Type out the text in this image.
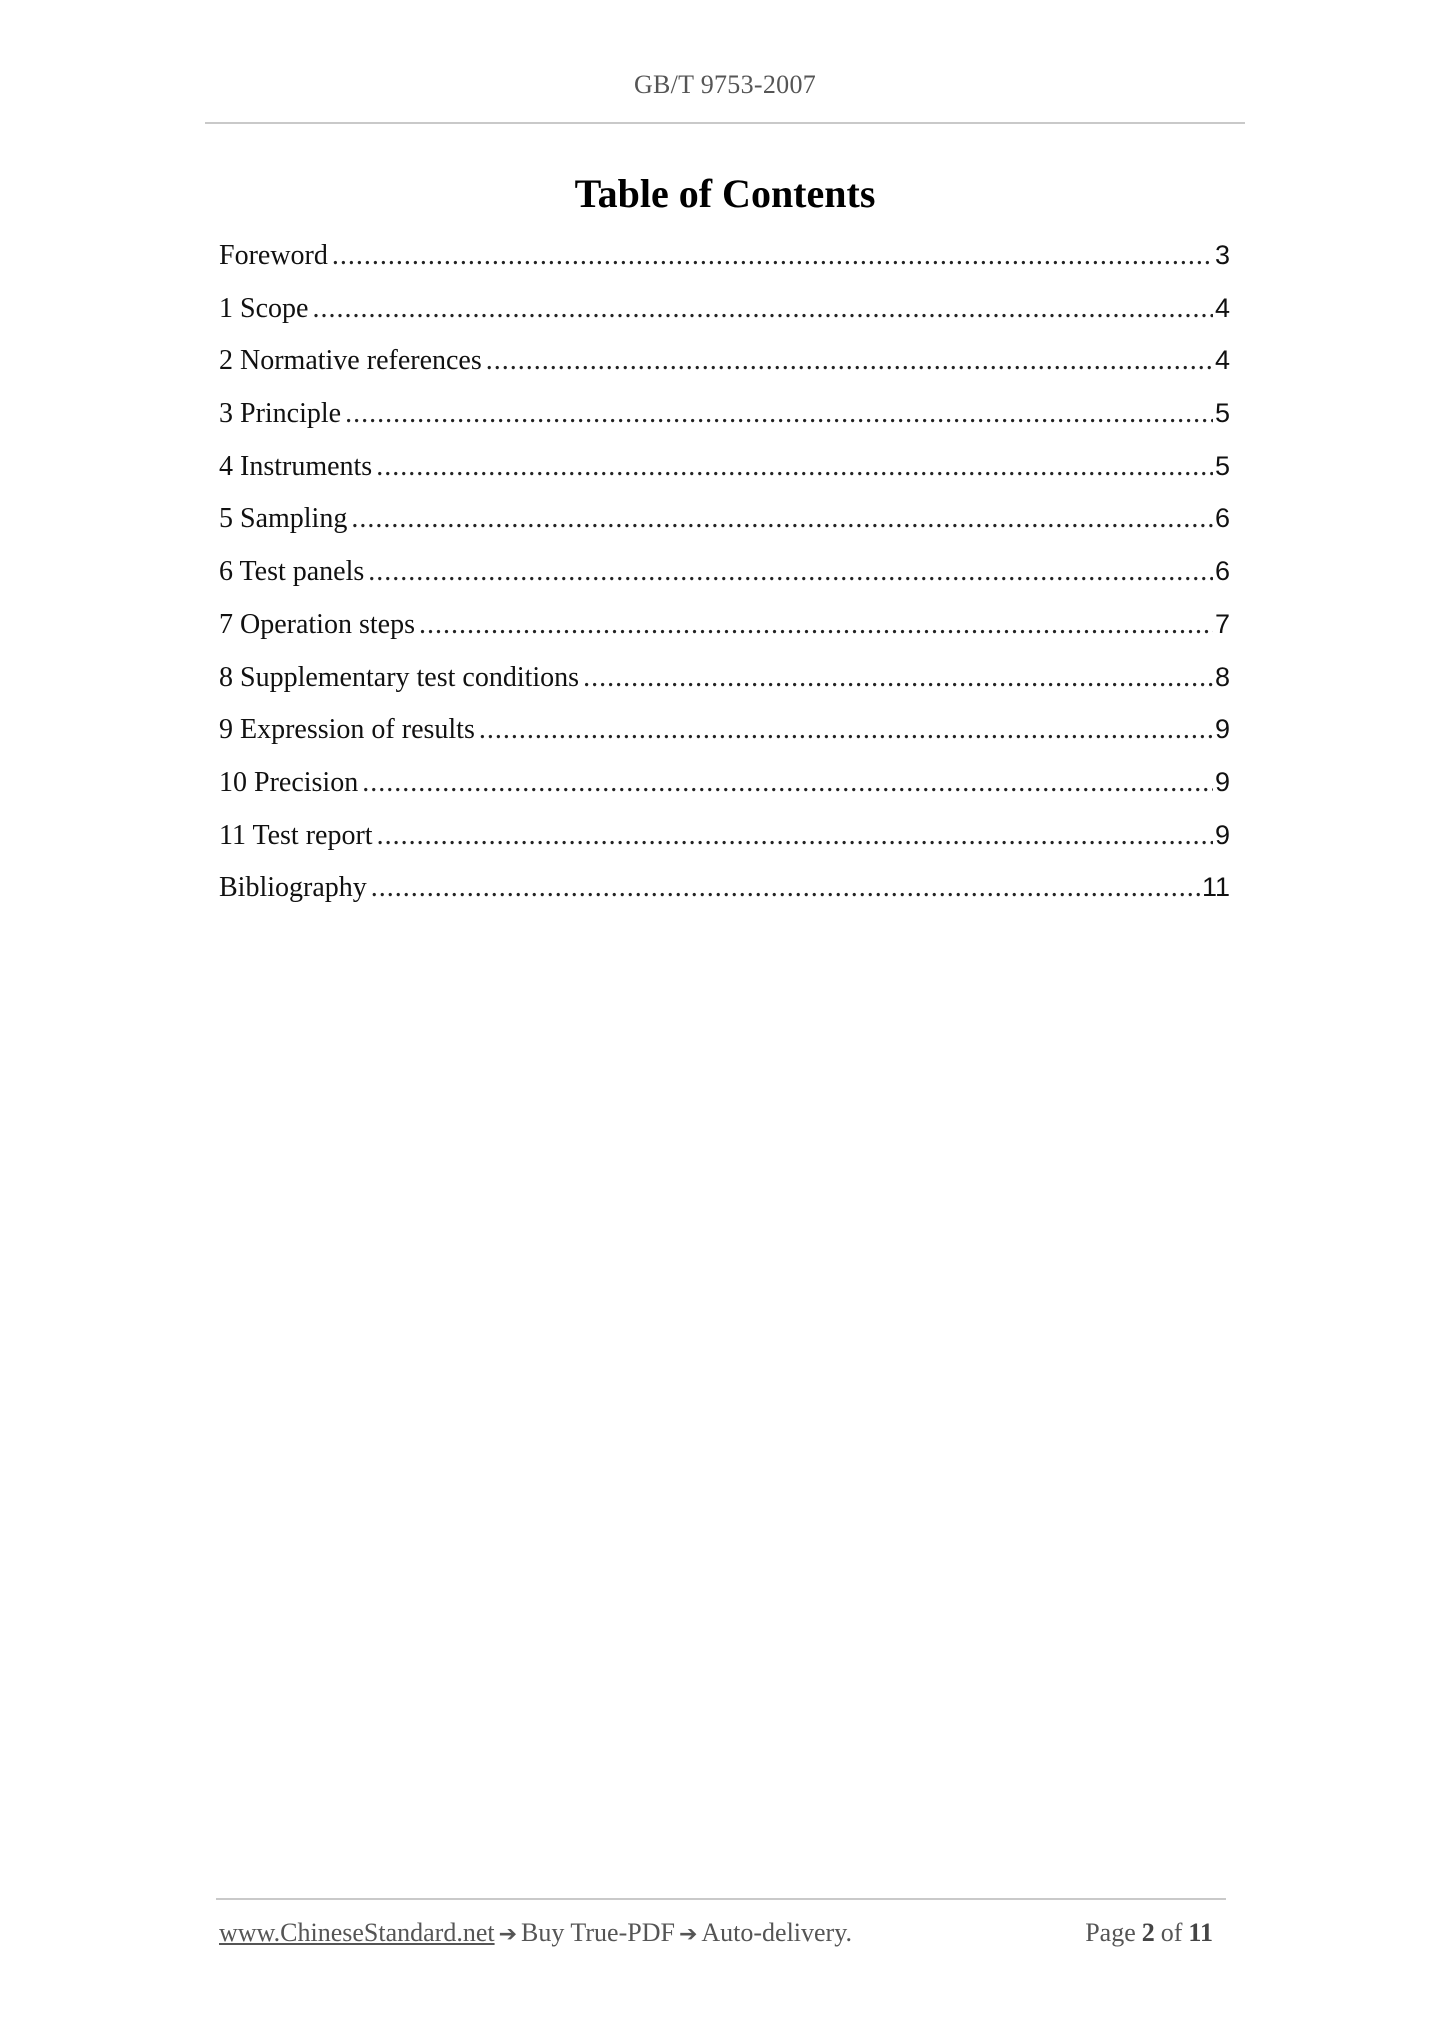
GB/T 9753-2007
Table of Contents
Foreword .....	3
1 Scope .....	4
2 Normative references .....	4
3 Principle .....	5
4 Instruments .....	5
5 Sampling .....	6
6 Test panels .....	6
7 Operation steps .....	7
8 Supplementary test conditions .....	8
9 Expression of results .....	9
10 Precision .....	9
11 Test report .....	9
Bibliography .....	11
www.ChineseStandard.net ➔ Buy True-PDF ➔ Auto-delivery.	Page 2 of 11
